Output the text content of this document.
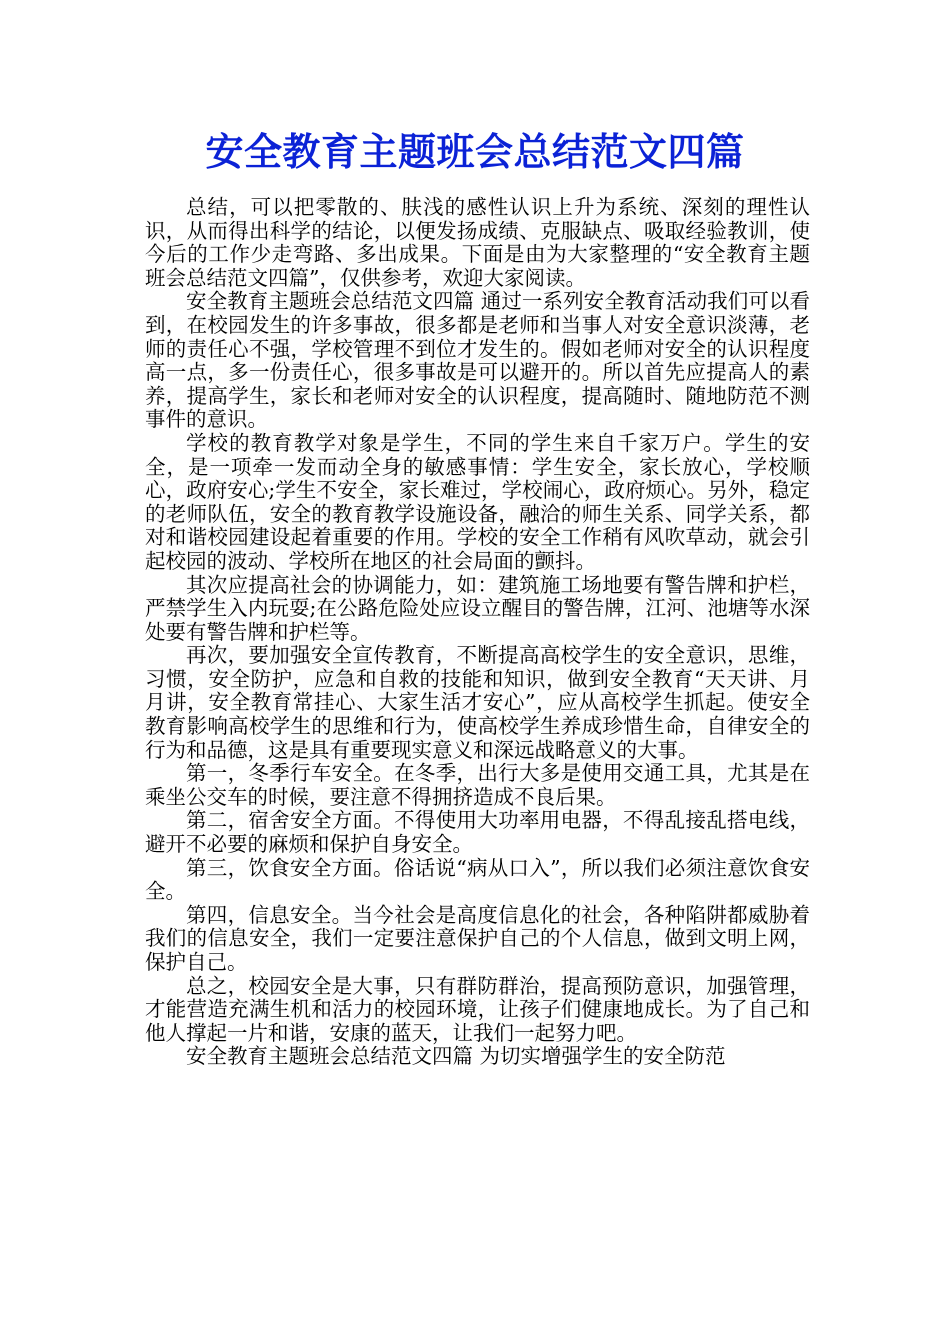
安全教育主题班会总结范文四篇

总结，可以把零散的、肤浅的感性认识上升为系统、深刻的理性认识，从而得出科学的结论，以便发扬成绩、克服缺点、吸取经验教训，使今后的工作少走弯路、多出成果。下面是由为大家整理的“安全教育主题班会总结范文四篇”，仅供参考，欢迎大家阅读。

安全教育主题班会总结范文四篇 通过一系列安全教育活动我们可以看到，在校园发生的许多事故，很多都是老师和当事人对安全意识淡薄，老师的责任心不强，学校管理不到位才发生的。假如老师对安全的认识程度高一点，多一份责任心，很多事故是可以避开的。所以首先应提高人的素养，提高学生，家长和老师对安全的认识程度，提高随时、随地防范不测事件的意识。

学校的教育教学对象是学生，不同的学生来自千家万户。学生的安全，是一项牵一发而动全身的敏感事情：学生安全，家长放心，学校顺心，政府安心;学生不安全，家长难过，学校闹心，政府烦心。另外，稳定的老师队伍，安全的教育教学设施设备，融洽的师生关系、同学关系，都对和谐校园建设起着重要的作用。学校的安全工作稍有风吹草动，就会引起校园的波动、学校所在地区的社会局面的颤抖。

其次应提高社会的协调能力，如：建筑施工场地要有警告牌和护栏，严禁学生入内玩耍;在公路危险处应设立醒目的警告牌，江河、池塘等水深处要有警告牌和护栏等。

再次，要加强安全宣传教育，不断提高高校学生的安全意识，思维，习惯，安全防护，应急和自救的技能和知识，做到安全教育“天天讲、月月讲，安全教育常挂心、大家生活才安心”，应从高校学生抓起。使安全教育影响高校学生的思维和行为，使高校学生养成珍惜生命，自律安全的行为和品德，这是具有重要现实意义和深远战略意义的大事。

第一，冬季行车安全。在冬季，出行大多是使用交通工具，尤其是在乘坐公交车的时候，要注意不得拥挤造成不良后果。

第二，宿舍安全方面。不得使用大功率用电器，不得乱接乱搭电线，避开不必要的麻烦和保护自身安全。

第三，饮食安全方面。俗话说“病从口入”，所以我们必须注意饮食安全。

第四，信息安全。当今社会是高度信息化的社会，各种陷阱都威胁着我们的信息安全，我们一定要注意保护自己的个人信息，做到文明上网，保护自己。

总之，校园安全是大事，只有群防群治，提高预防意识，加强管理，才能营造充满生机和活力的校园环境，让孩子们健康地成长。为了自己和他人撑起一片和谐，安康的蓝天，让我们一起努力吧。

安全教育主题班会总结范文四篇 为切实增强学生的安全防范
